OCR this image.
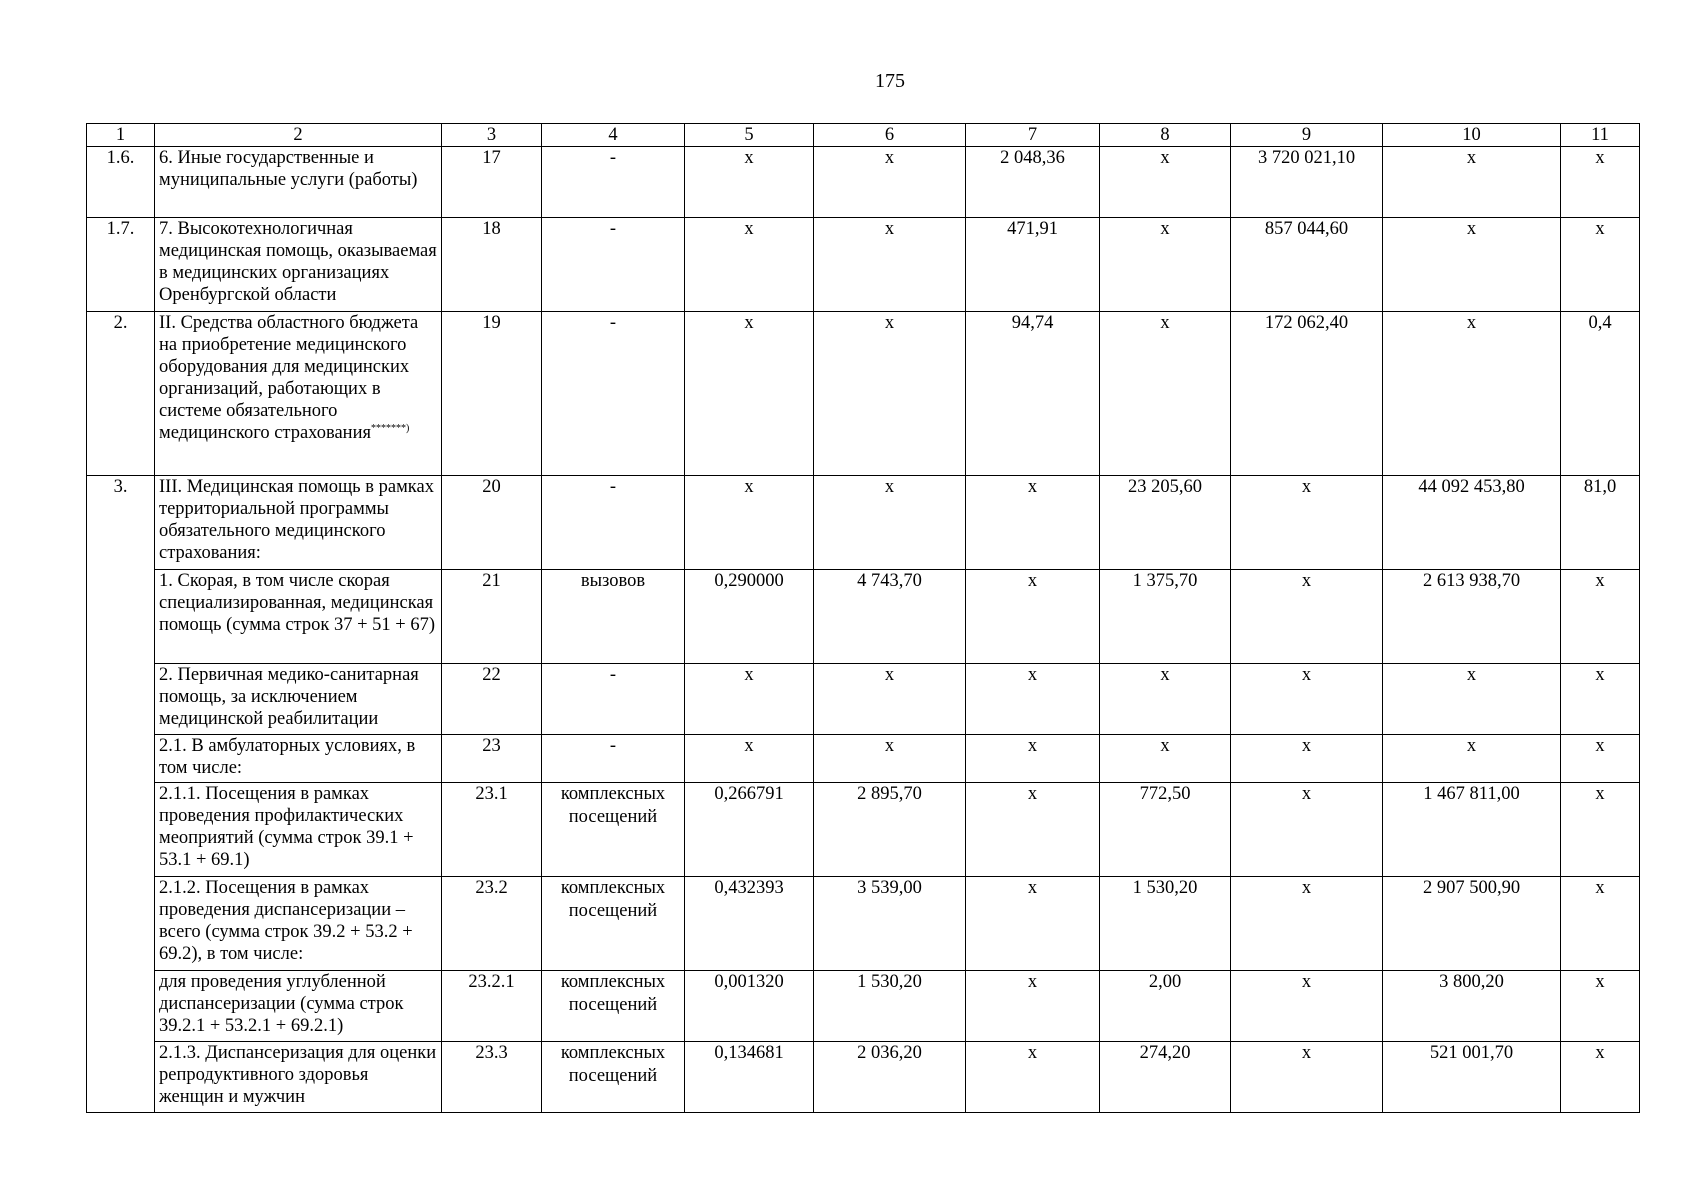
175
1	2	3	4	5	6	7	8	9	10	11
1.6.	6. Иные государственные и муниципальные услуги (работы)	17	-	х	х	2 048,36	х	3 720 021,10	х	х
1.7.	7. Высокотехнологичная медицинская помощь, оказываемая в медицинских организациях Оренбургской области	18	-	х	х	471,91	х	857 044,60	х	х
2.	II. Средства областного бюджета на приобретение медицинского оборудования для медицинских организаций, работающих в системе обязательного медицинского страхования*******)	19	-	х	х	94,74	х	172 062,40	х	0,4
3.	III. Медицинская помощь в рамках территориальной программы обязательного медицинского страхования:	20	-	х	х	х	23 205,60	х	44 092 453,80	81,0
	1. Скорая, в том числе скорая специализированная, медицинская помощь (сумма строк 37 + 51 + 67)	21	вызовов	0,290000	4 743,70	х	1 375,70	х	2 613 938,70	х
	2. Первичная медико-санитарная помощь, за исключением медицинской реабилитации	22	-	х	х	х	х	х	х	х
	2.1. В амбулаторных условиях, в том числе:	23	-	х	х	х	х	х	х	х
	2.1.1. Посещения в рамках проведения профилактических меоприятий (сумма строк 39.1 + 53.1 + 69.1)	23.1	комплексных посещений	0,266791	2 895,70	х	772,50	х	1 467 811,00	х
	2.1.2. Посещения в рамках проведения диспансеризации – всего (сумма строк 39.2 + 53.2 + 69.2), в том числе:	23.2	комплексных посещений	0,432393	3 539,00	х	1 530,20	х	2 907 500,90	х
	для проведения углубленной диспансеризации (сумма строк 39.2.1 + 53.2.1 + 69.2.1)	23.2.1	комплексных посещений	0,001320	1 530,20	х	2,00	х	3 800,20	х
	2.1.3. Диспансеризация для оценки репродуктивного здоровья женщин и мужчин	23.3	комплексных посещений	0,134681	2 036,20	х	274,20	х	521 001,70	х
